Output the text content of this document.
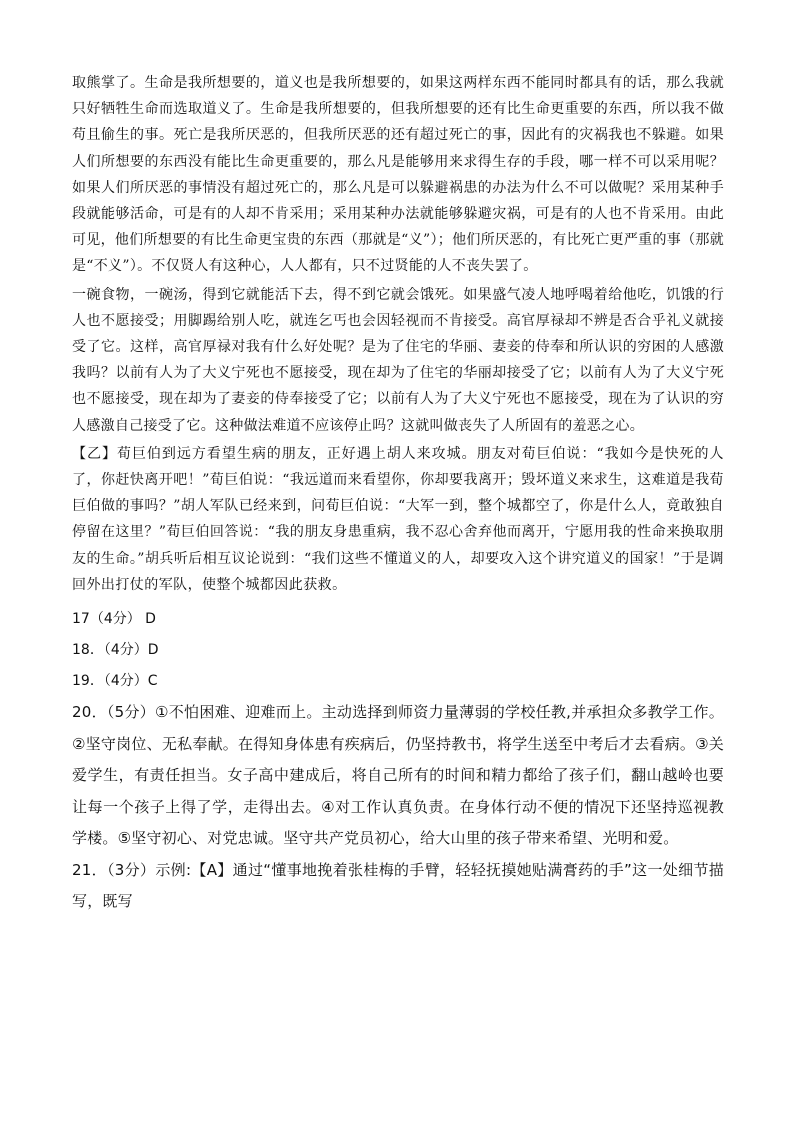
取熊掌了。生命是我所想要的，道义也是我所想要的，如果这两样东西不能同时都具有的话，那么我就只好牺牲生命而选取道义了。生命是我所想要的，但我所想要的还有比生命更重要的东西，所以我不做苟且偷生的事。死亡是我所厌恶的，但我所厌恶的还有超过死亡的事，因此有的灾祸我也不躲避。如果人们所想要的东西没有能比生命更重要的，那么凡是能够用来求得生存的手段，哪一样不可以采用呢？如果人们所厌恶的事情没有超过死亡的，那么凡是可以躲避祸患的办法为什么不可以做呢？采用某种手段就能够活命，可是有的人却不肯采用；采用某种办法就能够躲避灾祸，可是有的人也不肯采用。由此可见，他们所想要的有比生命更宝贵的东西（那就是“义”）；他们所厌恶的，有比死亡更严重的事（那就是“不义”）。不仅贤人有这种心，人人都有，只不过贤能的人不丧失罢了。

一碗食物，一碗汤，得到它就能活下去，得不到它就会饿死。如果盛气凌人地呼喝着给他吃，饥饿的行人也不愿接受；用脚踢给别人吃，就连乞丐也会因轻视而不肯接受。高官厚禄却不辨是否合乎礼义就接受了它。这样，高官厚禄对我有什么好处呢？是为了住宅的华丽、妻妾的侍奉和所认识的穷困的人感激我吗？以前有人为了大义宁死也不愿接受，现在却为了住宅的华丽却接受了它；以前有人为了大义宁死也不愿接受，现在却为了妻妾的侍奉接受了它；以前有人为了大义宁死也不愿接受，现在为了认识的穷人感激自己接受了它。这种做法难道不应该停止吗？这就叫做丧失了人所固有的羞恶之心。

【乙】荀巨伯到远方看望生病的朋友，正好遇上胡人来攻城。朋友对荀巨伯说：“我如今是快死的人了，你赶快离开吧！”荀巨伯说：“我远道而来看望你，你却要我离开；毁坏道义来求生，这难道是我荀巨伯做的事吗？”胡人军队已经来到，问荀巨伯说：“大军一到，整个城都空了，你是什么人，竟敢独自停留在这里？”荀巨伯回答说：“我的朋友身患重病，我不忍心舍弃他而离开，宁愿用我的性命来换取朋友的生命。”胡兵听后相互议论说到：“我们这些不懂道义的人，却要攻入这个讲究道义的国家！”于是调回外出打仗的军队，使整个城都因此获救。

17（4分） D

18．（4分）D

19．（4分）C

20．（5分）①不怕困难、迎难而上。主动选择到师资力量薄弱的学校任教,并承担众多教学工作。②坚守岗位、无私奉献。在得知身体患有疾病后，仍坚持教书，将学生送至中考后才去看病。③关爱学生，有责任担当。女子高中建成后，将自己所有的时间和精力都给了孩子们，翻山越岭也要让每一个孩子上得了学，走得出去。④对工作认真负责。在身体行动不便的情况下还坚持巡视教学楼。⑤坚守初心、对党忠诚。坚守共产党员初心，给大山里的孩子带来希望、光明和爱。

21．（3分）示例:【A】通过“懂事地挽着张桂梅的手臂，轻轻抚摸她贴满膏药的手”这一处细节描写，既写
